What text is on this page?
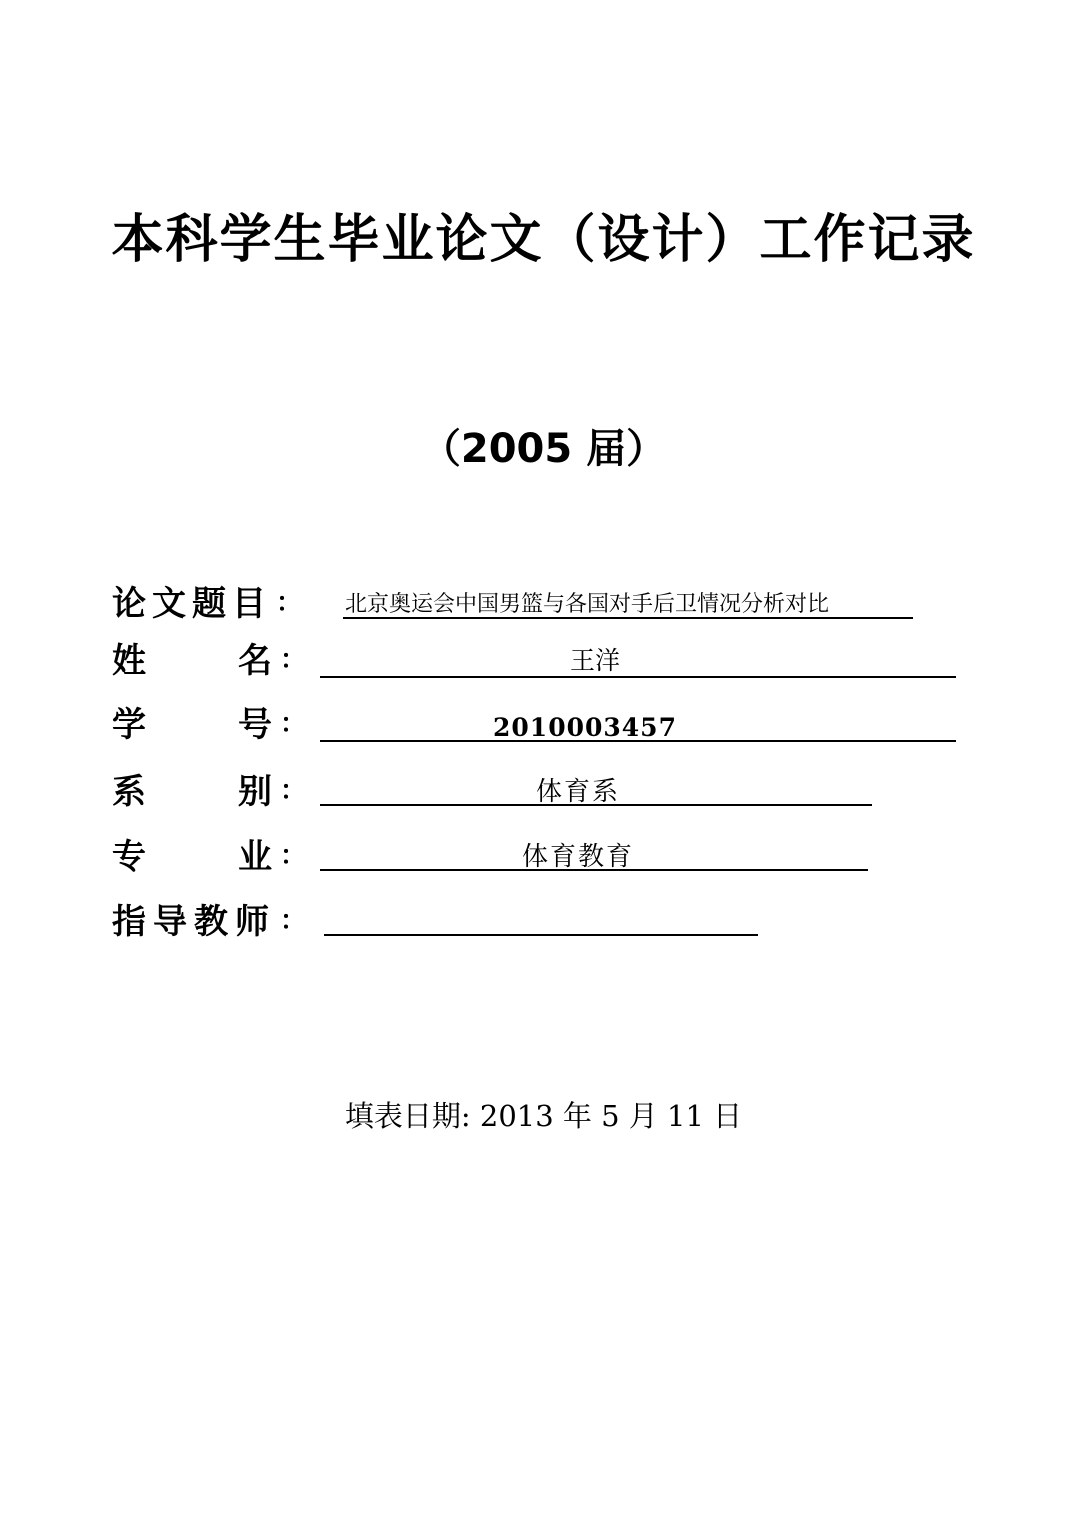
本科学生毕业论文（设计）工作记录
（2005 届）
论 文 题 目 ： 北京奥运会中国男篮与各国对手后卫情况分析对比
姓	名 ：	王洋
学	号 ：	2010003457
系	别 ：	体育系
专	业 ：	体育教育
指 导 教 师 ：
填表日期: 2013 年 5 月 11 日
